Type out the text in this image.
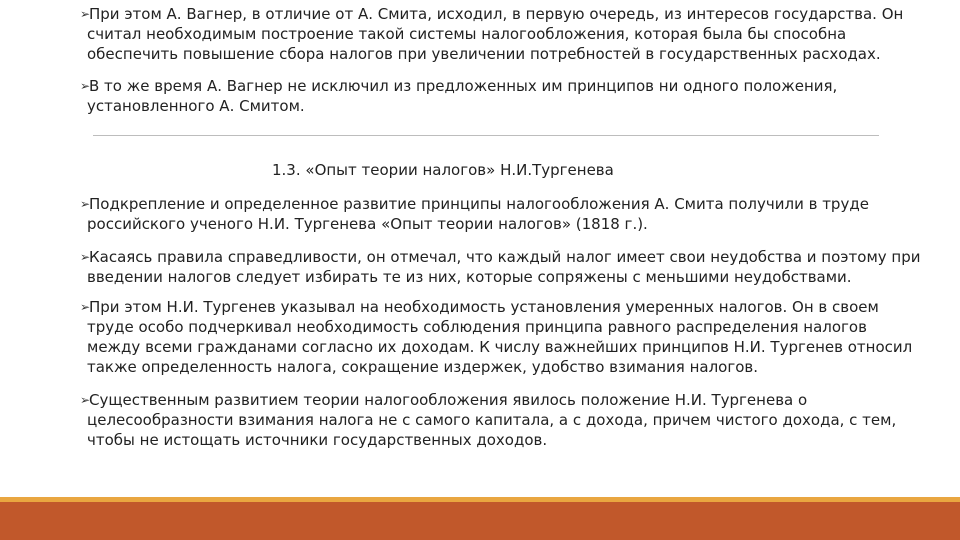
➢При этом А. Вагнер, в отличие от А. Смита, исходил, в первую очередь, из интересов государства. Он
считал необходимым построение такой системы налогообложения, которая была бы способна
обеспечить повышение сбора налогов при увеличении потребностей в государственных расходах.
➢В то же время А. Вагнер не исключил из предложенных им принципов ни одного положения,
установленного А. Смитом.
1.3. «Опыт теории налогов» Н.И.Тургенева
➢Подкрепление и определенное развитие принципы налогообложения А. Смита получили в труде
российского ученого Н.И. Тургенева «Опыт теории налогов» (1818 г.).
➢Касаясь правила справедливости, он отмечал, что каждый налог имеет свои неудобства и поэтому при
введении налогов следует избирать те из них, которые сопряжены с меньшими неудобствами.
➢При этом Н.И. Тургенев указывал на необходимость установления умеренных налогов. Он в своем
труде особо подчеркивал необходимость соблюдения принципа равного распределения налогов
между всеми гражданами согласно их доходам. К числу важнейших принципов Н.И. Тургенев относил
также определенность налога, сокращение издержек, удобство взимания налогов.
➢Существенным развитием теории налогообложения явилось положение Н.И. Тургенева о
целесообразности взимания налога не с самого капитала, а с дохода, причем чистого дохода, с тем,
чтобы не истощать источники государственных доходов.
